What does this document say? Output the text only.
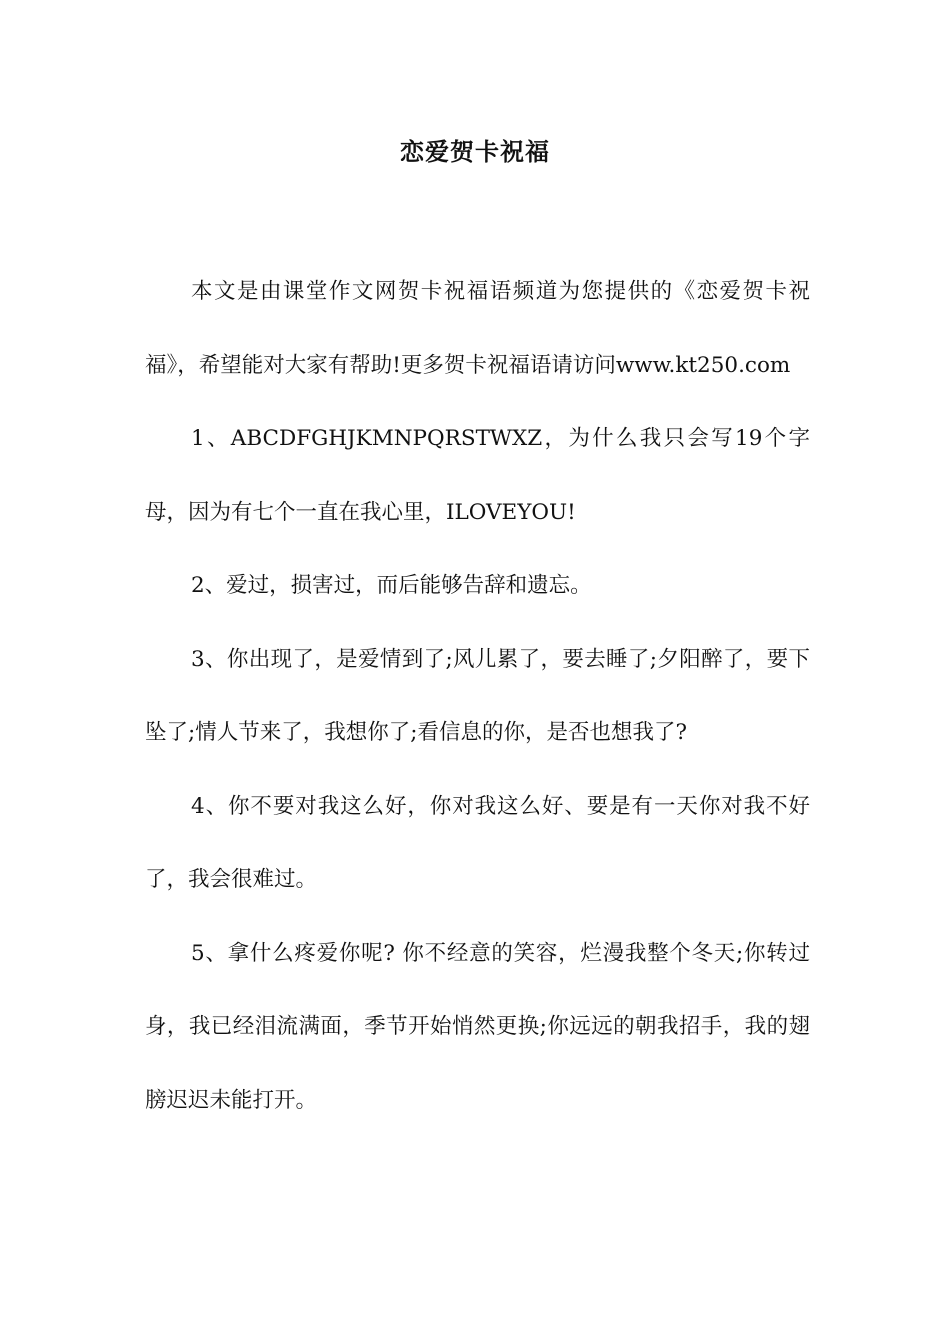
恋爱贺卡祝福

本文是由课堂作文网贺卡祝福语频道为您提供的《恋爱贺卡祝福》，希望能对大家有帮助!更多贺卡祝福语请访问www.kt250.com

1、ABCDFGHJKMNPQRSTWXZ，为什么我只会写19个字母，因为有七个一直在我心里，ILOVEYOU!

2、爱过，损害过，而后能够告辞和遗忘。

3、你出现了，是爱情到了;风儿累了，要去睡了;夕阳醉了，要下坠了;情人节来了，我想你了;看信息的你，是否也想我了?

4、你不要对我这么好，你对我这么好、要是有一天你对我不好了，我会很难过。

5、拿什么疼爱你呢? 你不经意的笑容，烂漫我整个冬天;你转过身，我已经泪流满面，季节开始悄然更换;你远远的朝我招手，我的翅膀迟迟未能打开。
